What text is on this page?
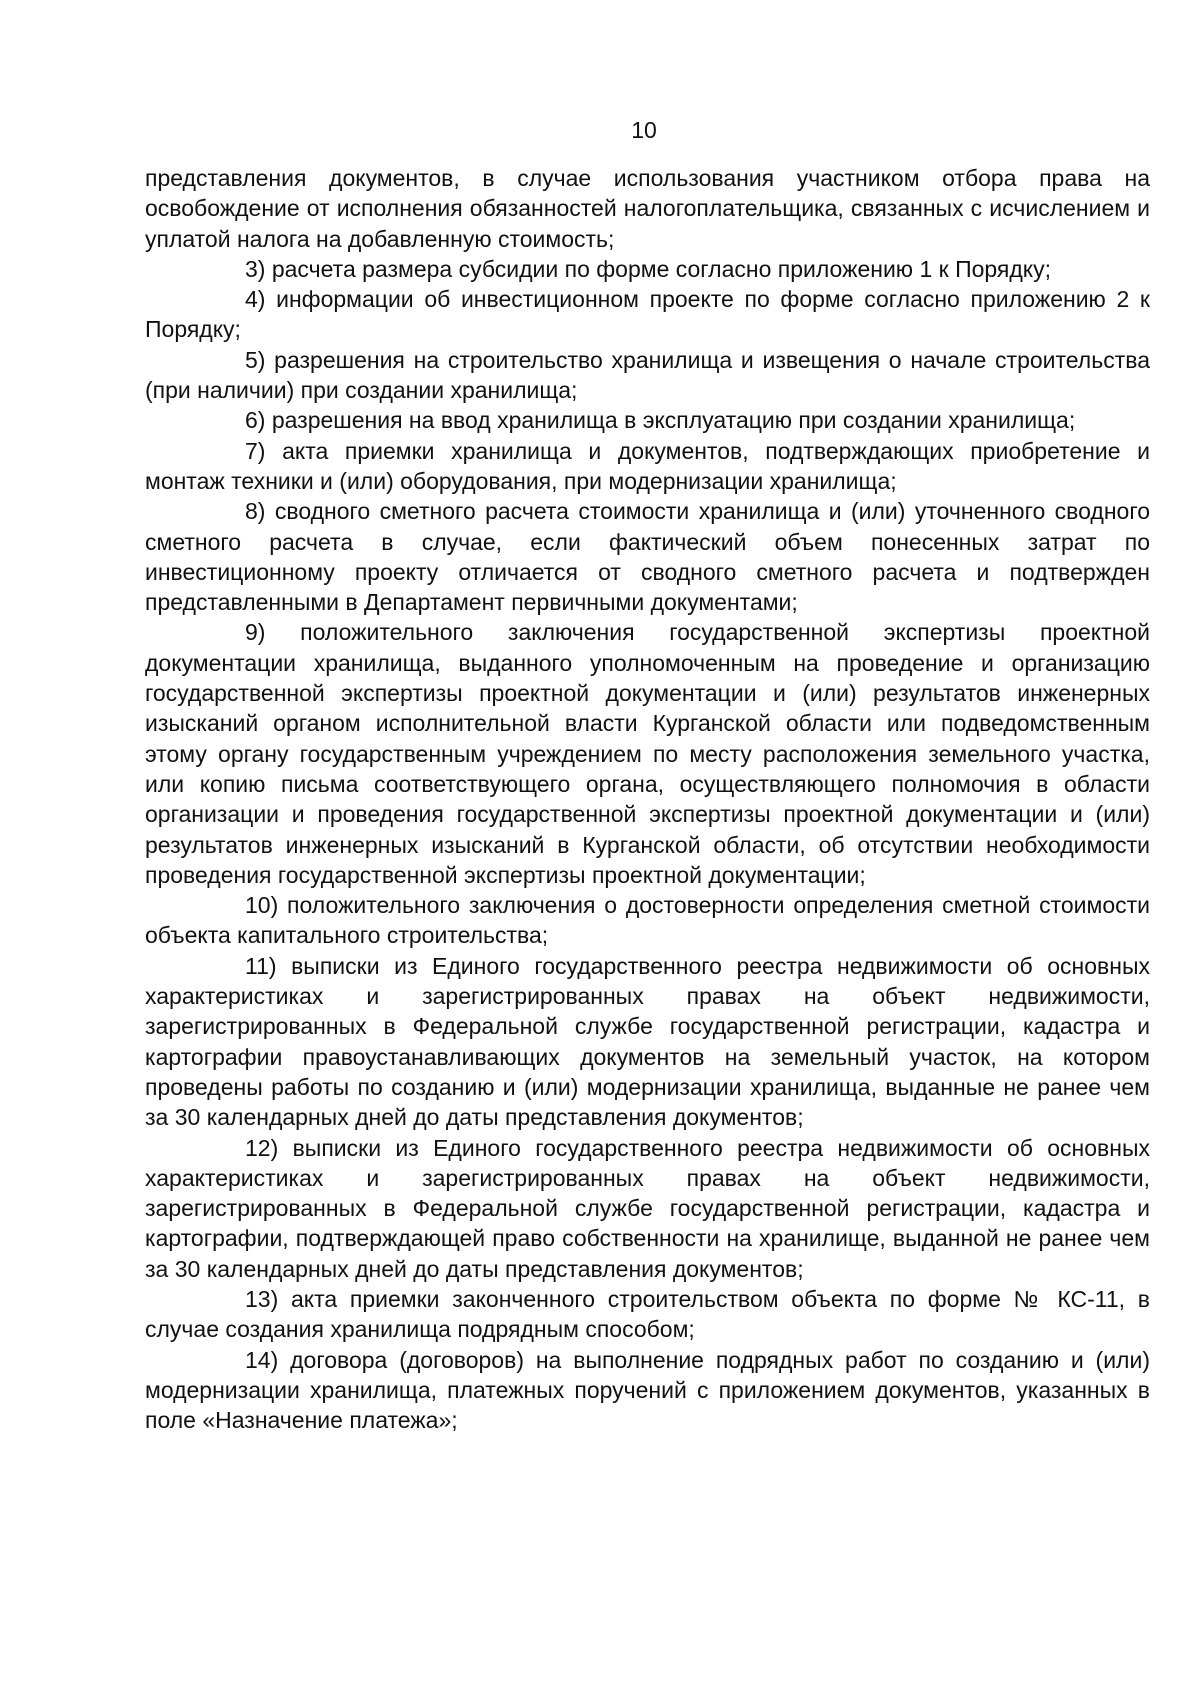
10

представления документов, в случае использования участником отбора права на освобождение от исполнения обязанностей налогоплательщика, связанных с исчислением и уплатой налога на добавленную стоимость;

3) расчета размера субсидии по форме согласно приложению 1 к Порядку;

4) информации об инвестиционном проекте по форме согласно приложению 2 к Порядку;

5) разрешения на строительство хранилища и извещения о начале строительства (при наличии) при создании хранилища;

6) разрешения на ввод хранилища в эксплуатацию при создании хранилища;

7) акта приемки хранилища и документов, подтверждающих приобретение и монтаж техники и (или) оборудования, при модернизации хранилища;

8) сводного сметного расчета стоимости хранилища и (или) уточненного сводного сметного расчета в случае, если фактический объем понесенных затрат по инвестиционному проекту отличается от сводного сметного расчета и подтвержден представленными в Департамент первичными документами;

9) положительного заключения государственной экспертизы проектной документации хранилища, выданного уполномоченным на проведение и организацию государственной экспертизы проектной документации и (или) результатов инженерных изысканий органом исполнительной власти Курганской области или подведомственным этому органу государственным учреждением по месту расположения земельного участка, или копию письма соответствующего органа, осуществляющего полномочия в области организации и проведения государственной экспертизы проектной документации и (или) результатов инженерных изысканий в Курганской области, об отсутствии необходимости проведения государственной экспертизы проектной документации;

10) положительного заключения о достоверности определения сметной стоимости объекта капитального строительства;

11) выписки из Единого государственного реестра недвижимости об основных характеристиках и зарегистрированных правах на объект недвижимости, зарегистрированных в Федеральной службе государственной регистрации, кадастра и картографии правоустанавливающих документов на земельный участок, на котором проведены работы по созданию и (или) модернизации хранилища, выданные не ранее чем за 30 календарных дней до даты представления документов;

12) выписки из Единого государственного реестра недвижимости об основных характеристиках и зарегистрированных правах на объект недвижимости, зарегистрированных в Федеральной службе государственной регистрации, кадастра и картографии, подтверждающей право собственности на хранилище, выданной не ранее чем за 30 календарных дней до даты представления документов;

13) акта приемки законченного строительством объекта по форме № КС-11, в случае создания хранилища подрядным способом;

14) договора (договоров) на выполнение подрядных работ по созданию и (или) модернизации хранилища, платежных поручений с приложением документов, указанных в поле «Назначение платежа»;
